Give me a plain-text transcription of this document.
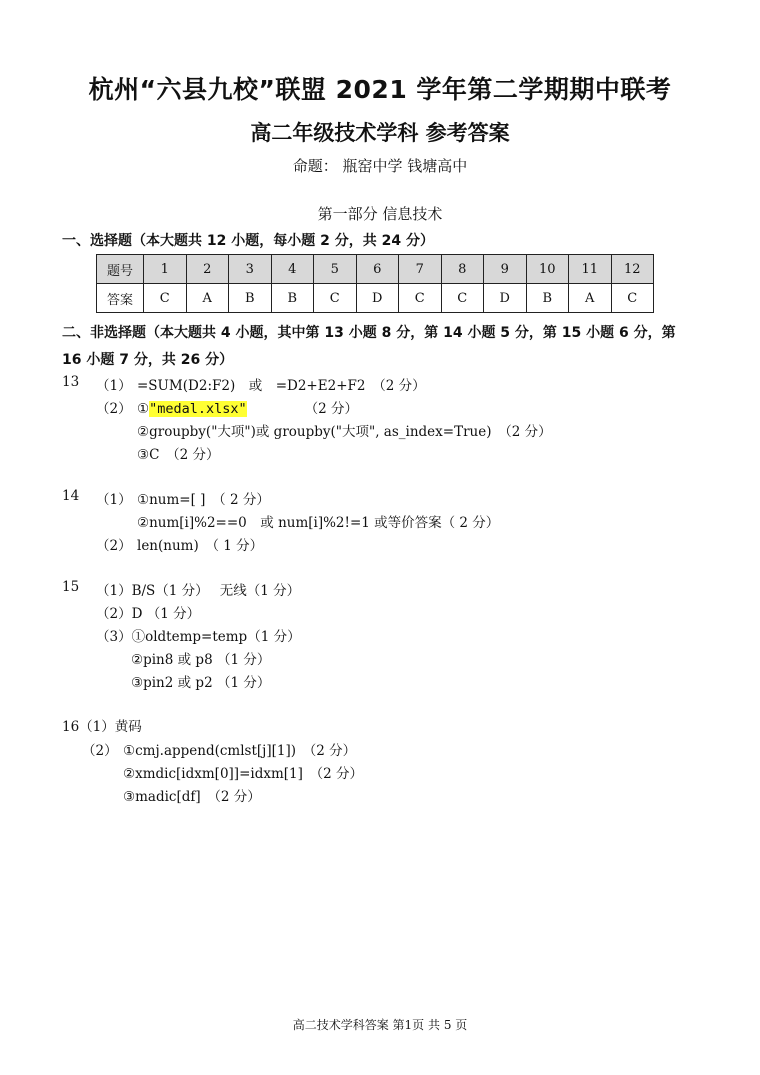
杭州“六县九校”联盟 2021 学年第二学期期中联考
高二年级技术学科 参考答案
命题： 瓶窑中学 钱塘高中
第一部分 信息技术
一、选择题（本大题共 12 小题，每小题 2 分，共 24 分）
题号	1	2	3	4	5	6	7	8	9	10	11	12
答案	C	A	B	B	C	D	C	C	D	B	A	C
二、非选择题（本大题共 4 小题，其中第 13 小题 8 分，第 14 小题 5 分，第 15 小题 6 分，第
16 小题 7 分，共 26 分）
13 （1） =SUM(D2:F2)　或　=D2+E2+F2　（2 分）
（2） ①"medal.xlsx"	（2 分）
②groupby("大项")或 groupby("大项", as_index=True)　（2 分）
③C　（2 分）
14 （1） ①num=[ ]　（ 2 分）
②num[i]%2==0　或 num[i]%2!=1 或等价答案（ 2 分）
（2） len(num)　（ 1 分）
15 （1）B/S（1 分）　 无线（1 分）
（2）D （1 分）
（3）①oldtemp=temp（1 分）
②pin8 或 p8 （1 分）
③pin2 或 p2 （1 分）
16（1）黄码
（2） ①cmj.append(cmlst[j][1])　（2 分）
②xmdic[idxm[0]]=idxm[1]　（2 分）
③madic[df]　（2 分）
高二技术学科答案 第1页 共 5 页
